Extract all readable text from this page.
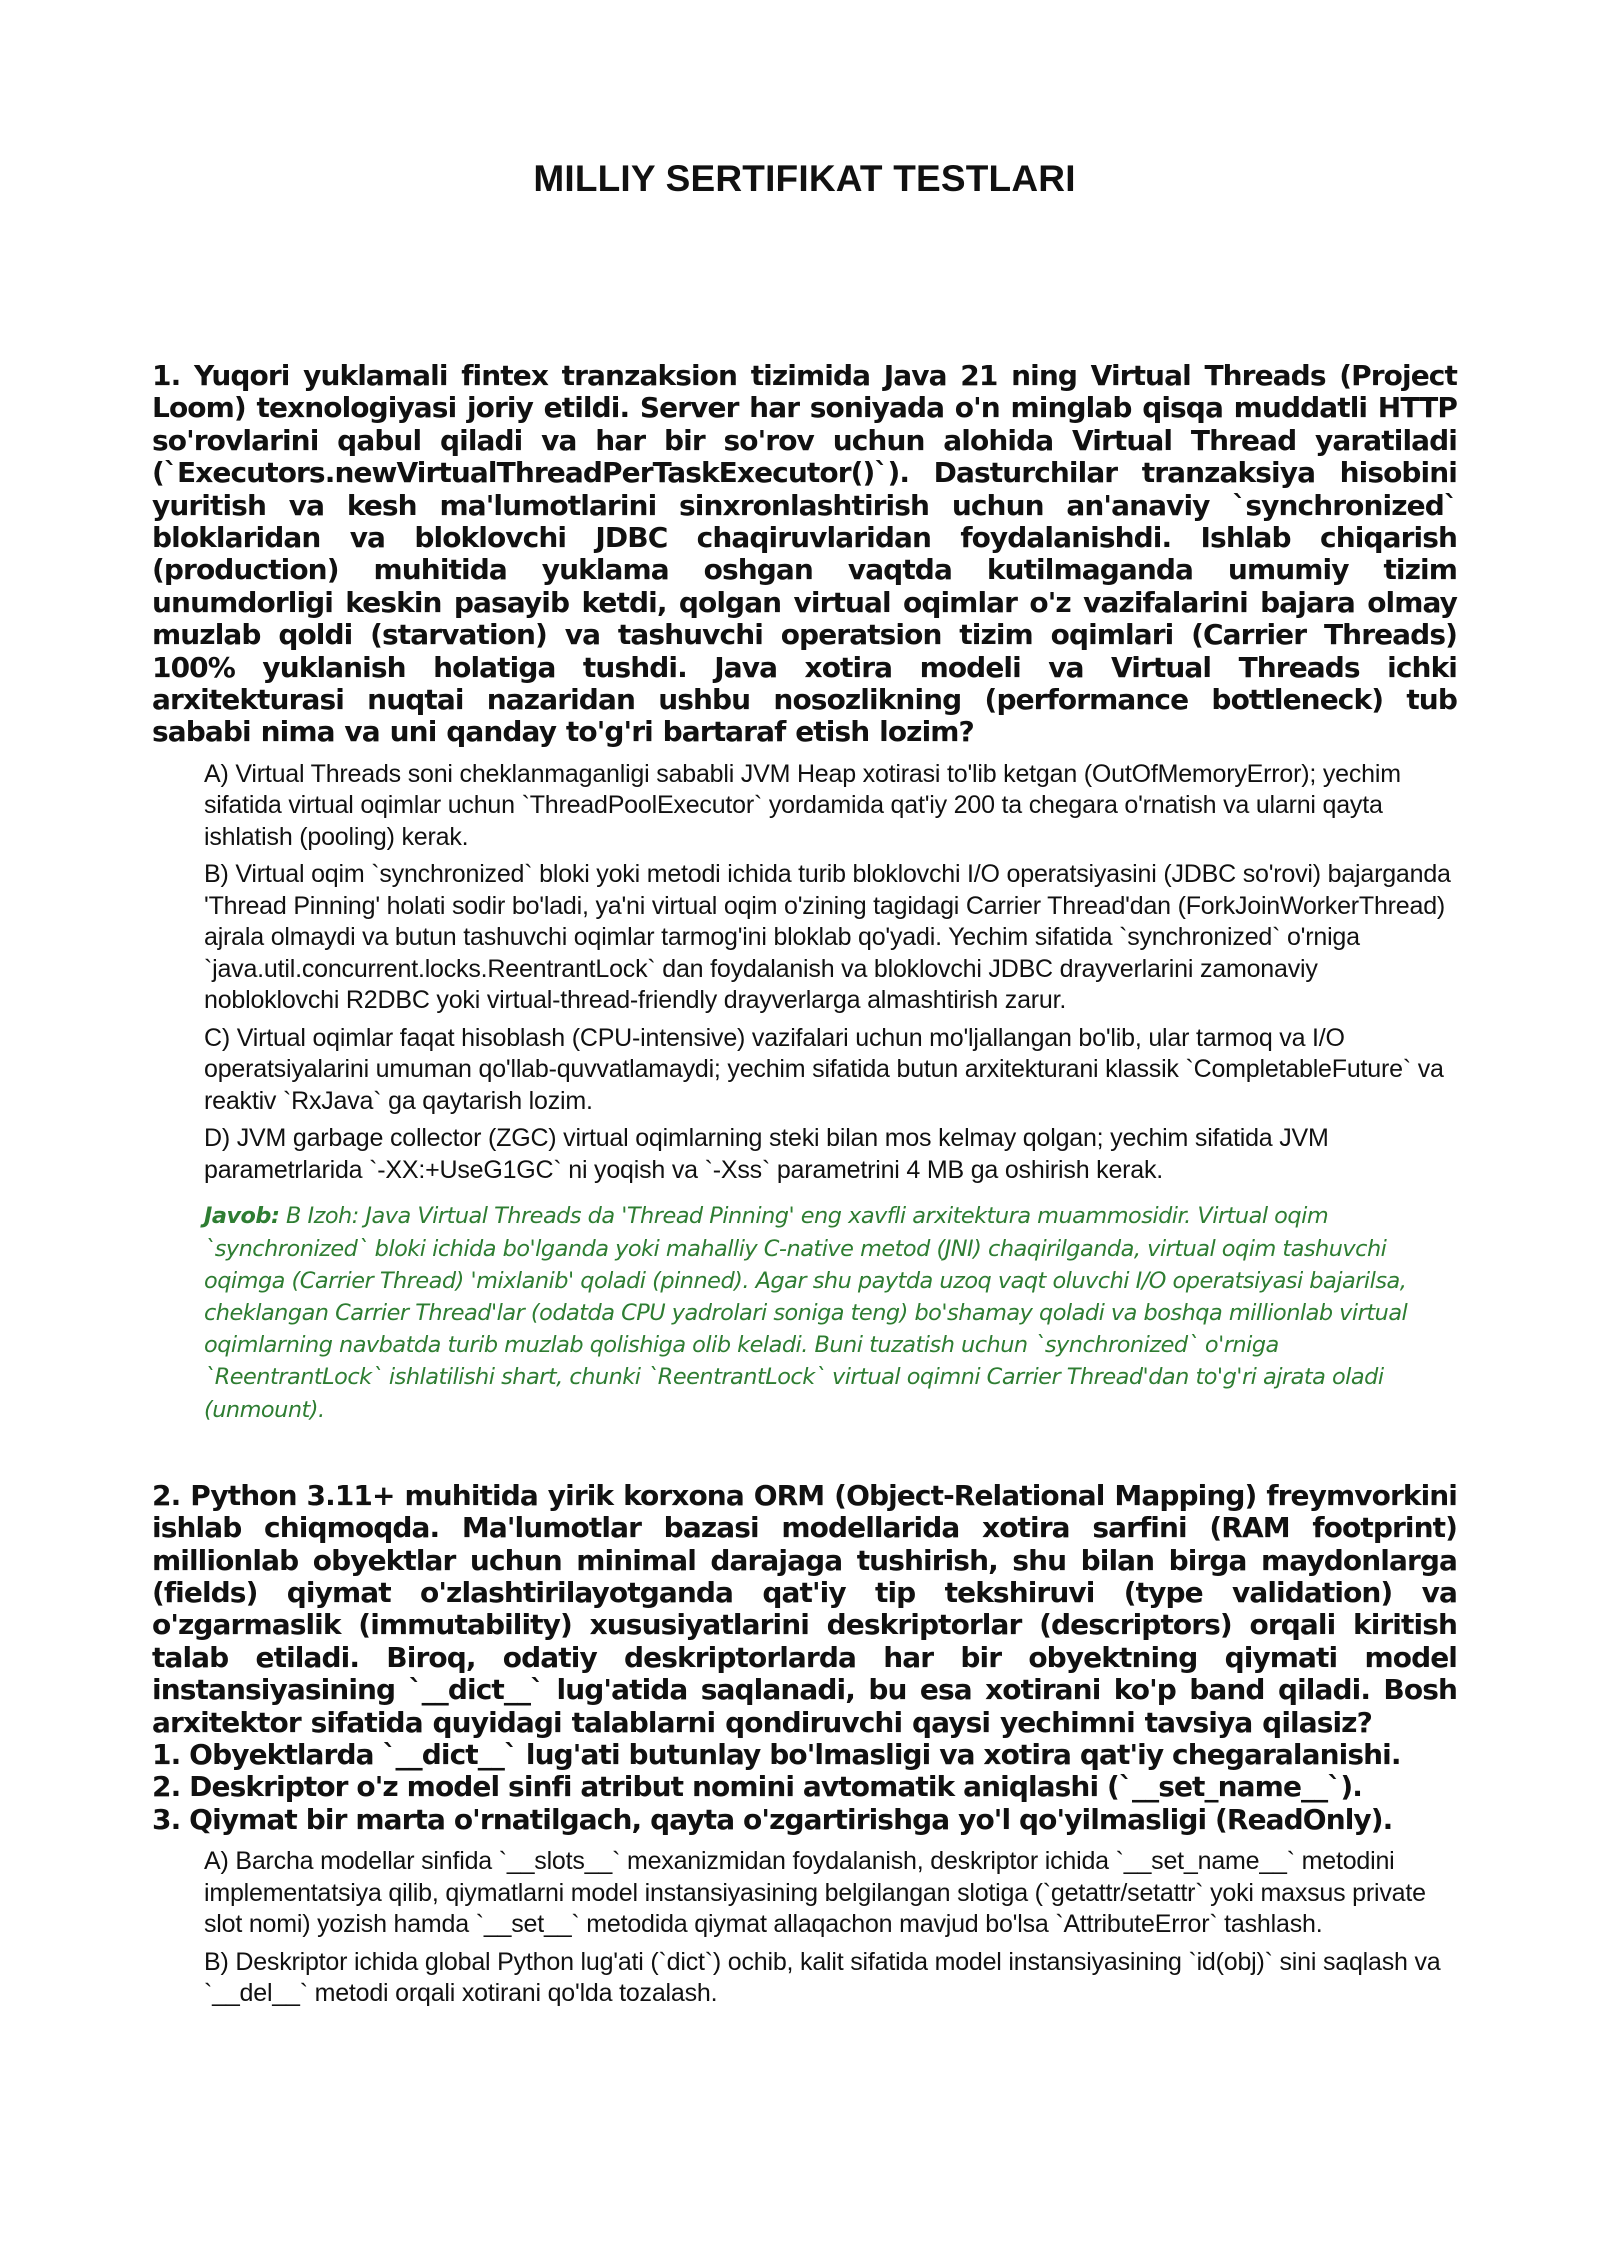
MILLIY SERTIFIKAT TESTLARI

1. Yuqori yuklamali fintex tranzaksion tizimida Java 21 ning Virtual Threads (Project Loom) texnologiyasi joriy etildi. Server har soniyada o'n minglab qisqa muddatli HTTP so'rovlarini qabul qiladi va har bir so'rov uchun alohida Virtual Thread yaratiladi (`Executors.newVirtualThreadPerTaskExecutor()`). Dasturchilar tranzaksiya hisobini yuritish va kesh ma'lumotlarini sinxronlashtirish uchun an'anaviy `synchronized` bloklaridan va bloklovchi JDBC chaqiruvlaridan foydalanishdi. Ishlab chiqarish (production) muhitida yuklama oshgan vaqtda kutilmaganda umumiy tizim unumdorligi keskin pasayib ketdi, qolgan virtual oqimlar o'z vazifalarini bajara olmay muzlab qoldi (starvation) va tashuvchi operatsion tizim oqimlari (Carrier Threads) 100% yuklanish holatiga tushdi. Java xotira modeli va Virtual Threads ichki arxitekturasi nuqtai nazaridan ushbu nosozlikning (performance bottleneck) tub sababi nima va uni qanday to'g'ri bartaraf etish lozim?

A) Virtual Threads soni cheklanmaganligi sababli JVM Heap xotirasi to'lib ketgan (OutOfMemoryError); yechim sifatida virtual oqimlar uchun `ThreadPoolExecutor` yordamida qat'iy 200 ta chegara o'rnatish va ularni qayta ishlatish (pooling) kerak.
B) Virtual oqim `synchronized` bloki yoki metodi ichida turib bloklovchi I/O operatsiyasini (JDBC so'rovi) bajarganda 'Thread Pinning' holati sodir bo'ladi, ya'ni virtual oqim o'zining tagidagi Carrier Thread'dan (ForkJoinWorkerThread) ajrala olmaydi va butun tashuvchi oqimlar tarmog'ini bloklab qo'yadi. Yechim sifatida `synchronized` o'rniga `java.util.concurrent.locks.ReentrantLock` dan foydalanish va bloklovchi JDBC drayverlarini zamonaviy nobloklovchi R2DBC yoki virtual-thread-friendly drayverlarga almashtirish zarur.
C) Virtual oqimlar faqat hisoblash (CPU-intensive) vazifalari uchun mo'ljallangan bo'lib, ular tarmoq va I/O operatsiyalarini umuman qo'llab-quvvatlamaydi; yechim sifatida butun arxitekturani klassik `CompletableFuture` va reaktiv `RxJava` ga qaytarish lozim.
D) JVM garbage collector (ZGC) virtual oqimlarning steki bilan mos kelmay qolgan; yechim sifatida JVM parametrlarida `-XX:+UseG1GC` ni yoqish va `-Xss` parametrini 4 MB ga oshirish kerak.

Javob: B Izoh: Java Virtual Threads da 'Thread Pinning' eng xavfli arxitektura muammosidir. Virtual oqim `synchronized` bloki ichida bo'lganda yoki mahalliy C-native metod (JNI) chaqirilganda, virtual oqim tashuvchi oqimga (Carrier Thread) 'mixlanib' qoladi (pinned). Agar shu paytda uzoq vaqt oluvchi I/O operatsiyasi bajarilsa, cheklangan Carrier Thread'lar (odatda CPU yadrolari soniga teng) bo'shamay qoladi va boshqa millionlab virtual oqimlarning navbatda turib muzlab qolishiga olib keladi. Buni tuzatish uchun `synchronized` o'rniga `ReentrantLock` ishlatilishi shart, chunki `ReentrantLock` virtual oqimni Carrier Thread'dan to'g'ri ajrata oladi (unmount).

2. Python 3.11+ muhitida yirik korxona ORM (Object-Relational Mapping) freymvorkini ishlab chiqmoqda. Ma'lumotlar bazasi modellarida xotira sarfini (RAM footprint) millionlab obyektlar uchun minimal darajaga tushirish, shu bilan birga maydonlarga (fields) qiymat o'zlashtirilayotganda qat'iy tip tekshiruvi (type validation) va o'zgarmaslik (immutability) xususiyatlarini deskriptorlar (descriptors) orqali kiritish talab etiladi. Biroq, odatiy deskriptorlarda har bir obyektning qiymati model instansiyasining `__dict__` lug'atida saqlanadi, bu esa xotirani ko'p band qiladi. Bosh arxitektor sifatida quyidagi talablarni qondiruvchi qaysi yechimni tavsiya qilasiz?

1. Obyektlarda `__dict__` lug'ati butunlay bo'lmasligi va xotira qat'iy chegaralanishi.
2. Deskriptor o'z model sinfi atribut nomini avtomatik aniqlashi (`__set_name__`).
3. Qiymat bir marta o'rnatilgach, qayta o'zgartirishga yo'l qo'yilmasligi (ReadOnly).
A) Barcha modellar sinfida `__slots__` mexanizmidan foydalanish, deskriptor ichida `__set_name__` metodini implementatsiya qilib, qiymatlarni model instansiyasining belgilangan slotiga (`getattr/setattr` yoki maxsus private slot nomi) yozish hamda `__set__` metodida qiymat allaqachon mavjud bo'lsa `AttributeError` tashlash.
B) Deskriptor ichida global Python lug'ati (`dict`) ochib, kalit sifatida model instansiyasining `id(obj)` sini saqlash va `__del__` metodi orqali xotirani qo'lda tozalash.
